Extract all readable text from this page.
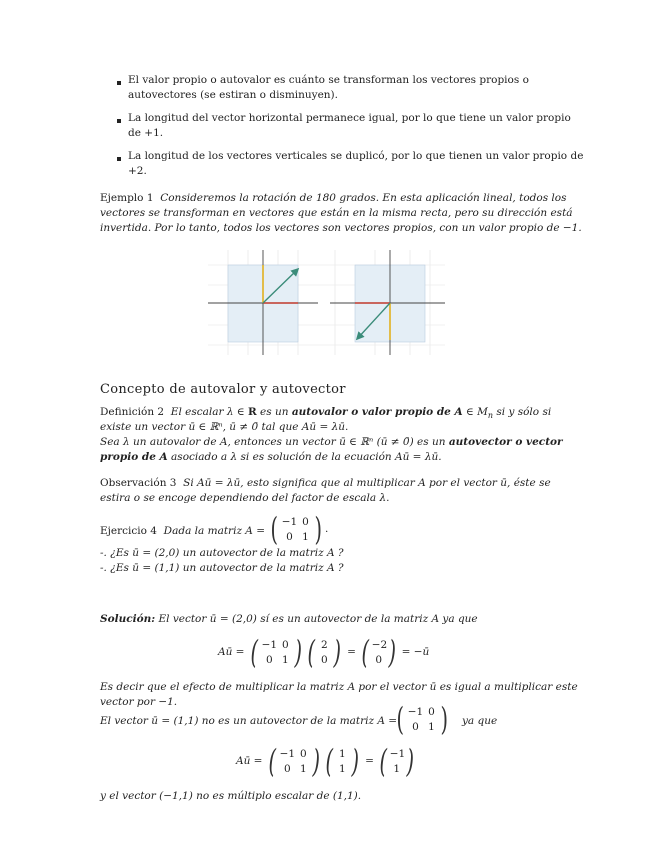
El valor propio o autovalor es cuánto se transforman los vectores propios o
autovectores (se estiran o disminuyen).
La longitud del vector horizontal permanece igual, por lo que tiene un valor propio
de +1.
La longitud de los vectores verticales se duplicó, por lo que tienen un valor propio de
+2.
Ejemplo 1 Consideremos la rotación de 180 grados. En esta aplicación lineal, todos los
vectores se transforman en vectores que están en la misma recta, pero su dirección está
invertida. Por lo tanto, todos los vectores son vectores propios, con un valor propio de −1.
Concepto de autovalor y autovector
Definición 2 El escalar λ ∈ R es un autovalor o valor propio de A ∈ $M_n$ si y sólo si
existe un vector ū ∈ ℝⁿ, ū ≠ 0̄ tal que Aū = λū.
Sea λ un autovalor de A, entonces un vector ū ∈ ℝⁿ (ū ≠ 0̄) es un autovector o vector
propio de A asociado a λ si es solución de la ecuación Aū = λū.
Observación 3 Si Aū = λū, esto significa que al multiplicar A por el vector ū, éste se
estira o se encoge dependiendo del factor de escala λ.
Ejercicio 4 Dada la matriz A = ( −1 0
0 1 ) .
-. ¿Es ū = (2,0) un autovector de la matriz A ?
-. ¿Es ū = (1,1) un autovector de la matriz A ?
Solución: El vector ū = (2,0) sí es un autovector de la matriz A ya que
Aū =
( −1 0
0 1 ) ( 2
0 )
=
( −2
0 )
= −ū
Es decir que el efecto de multiplicar la matriz A por el vector ū es igual a multiplicar este
vector por −1.
El vector ū = (1,1) no es un autovector de la matriz A = ( −1 0
0 1 ) ya que
Aū =
( −1 0
0 1 ) ( 1
1 )
=
( −1
1 )
y el vector (−1,1) no es múltiplo escalar de (1,1).
